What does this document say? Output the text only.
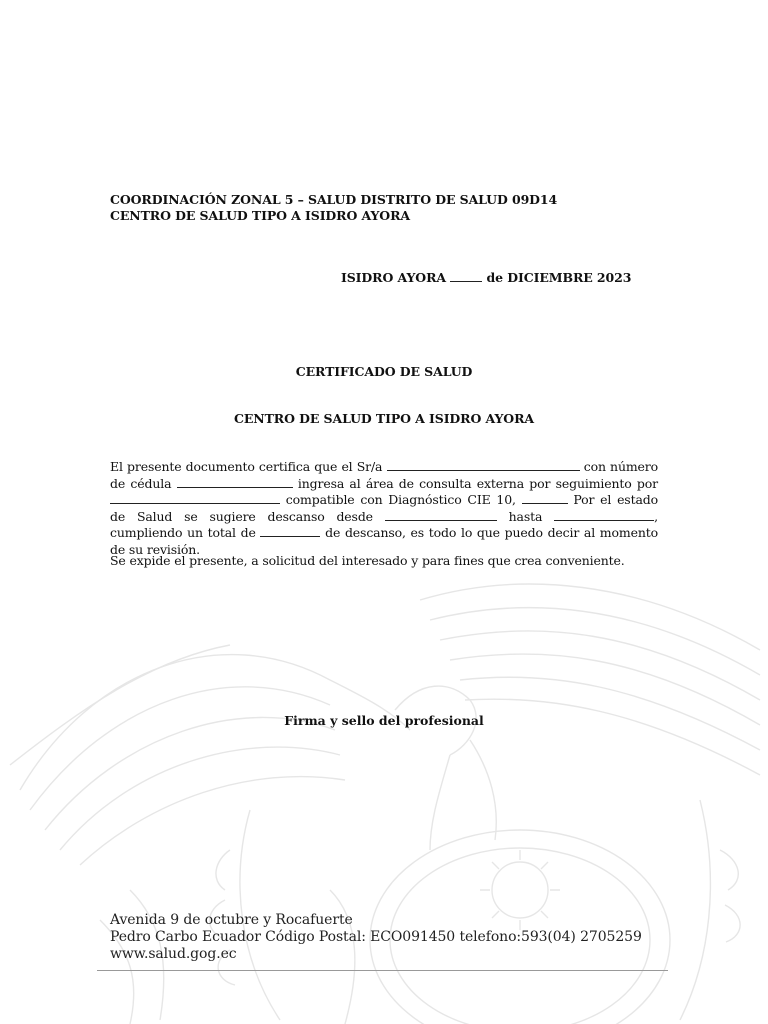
COORDINACIÓN ZONAL 5 – SALUD DISTRITO DE SALUD 09D14
CENTRO DE SALUD TIPO A ISIDRO AYORA
ISIDRO AYORA	de DICIEMBRE 2023
CERTIFICADO DE SALUD
CENTRO DE SALUD TIPO A ISIDRO AYORA
El presente documento certifica que el Sr/a	con número de cédula	ingresa al área de consulta externa por seguimiento por  compatible con Diagnóstico CIE 10,	Por el estado de Salud se sugiere descanso desde	hasta	, cumpliendo un total de	de descanso, es todo lo que puedo decir al momento de su revisión.
Se expide el presente, a solicitud del interesado y para fines que crea conveniente.
Firma y sello del profesional
Avenida 9 de octubre y Rocafuerte
Pedro Carbo Ecuador Código Postal: ECO091450 telefono:593(04) 2705259
www.salud.gog.ec
